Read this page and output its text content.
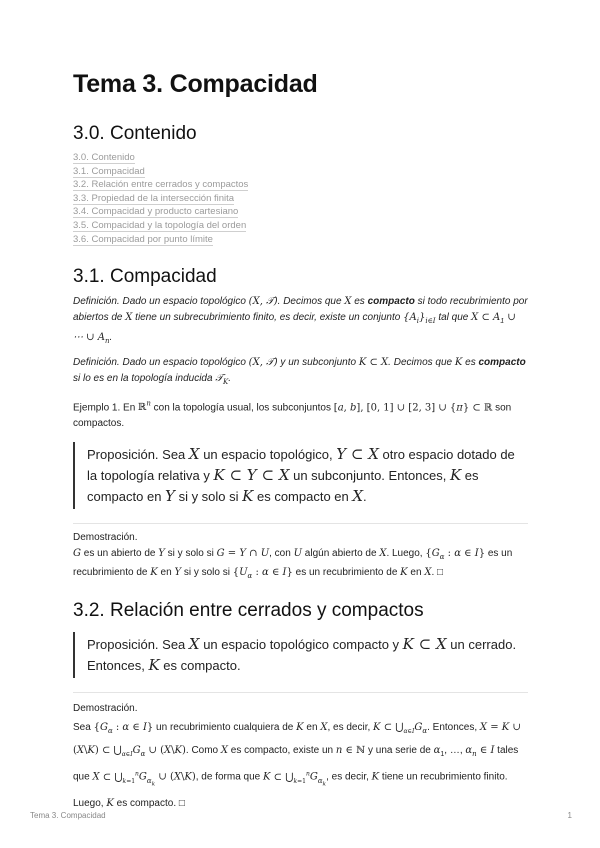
Tema 3. Compacidad
3.0. Contenido
3.0. Contenido
3.1. Compacidad
3.2. Relación entre cerrados y compactos
3.3. Propiedad de la intersección finita
3.4. Compacidad y producto cartesiano
3.5. Compacidad y la topología del orden
3.6. Compacidad por punto límite
3.1. Compacidad

Definición. Dado un espacio topológico (X, 𝒯). Decimos que X es compacto si todo recubrimiento por abiertos de X tiene un subrecubrimiento finito, es decir, existe un conjunto $\{A_i\}_{i\in I}$ tal que X ⊂ $A_1$ ∪ ⋯ ∪ $A_n$.

Definición. Dado un espacio topológico (X, 𝒯) y un subconjunto K ⊂ X. Decimos que K es compacto si lo es en la topología inducida 𝒯$_K$.

Ejemplo 1. En ℝ$^n$ con la topología usual, los subconjuntos [a, b], [0, 1] ∪ [2, 3] ∪ {π} ⊂ ℝ son compactos.

Proposición. Sea X un espacio topológico, Y ⊂ X otro espacio dotado de la topología relativa y K ⊂ Y ⊂ X un subconjunto. Entonces, K es compacto en Y si y solo si K es compacto en X.
Demostración.
G es un abierto de Y si y solo si G = Y ∩ U, con U algún abierto de X. Luego, {$G_\alpha$ : α ∈ I} es un recubrimiento de K en Y si y solo si {$U_\alpha$ : α ∈ I} es un recubrimiento de K en X. □
3.2. Relación entre cerrados y compactos
Proposición. Sea X un espacio topológico compacto y K ⊂ X un cerrado. Entonces, K es compacto.
Demostración.
Sea {$G_\alpha$ : α ∈ I} un recubrimiento cualquiera de K en X, es decir, K ⊂ $⋃_{\alpha\in I}G_\alpha$. Entonces, X = K ∪ (X\K) ⊂ $⋃_{\alpha\in I}G_\alpha$ ∪ (X\K). Como X es compacto, existe un n ∈ ℕ y una serie de $\alpha_1$, …, $\alpha_n$ ∈ I tales que X ⊂ $⋃_{k=1}^nG_{\alpha_k}$ ∪ (X\K), de forma que K ⊂ $⋃_{k=1}^nG_{\alpha_k}$, es decir, K tiene un recubrimiento finito. Luego, K es compacto. □
Tema 3. Compacidad	1
